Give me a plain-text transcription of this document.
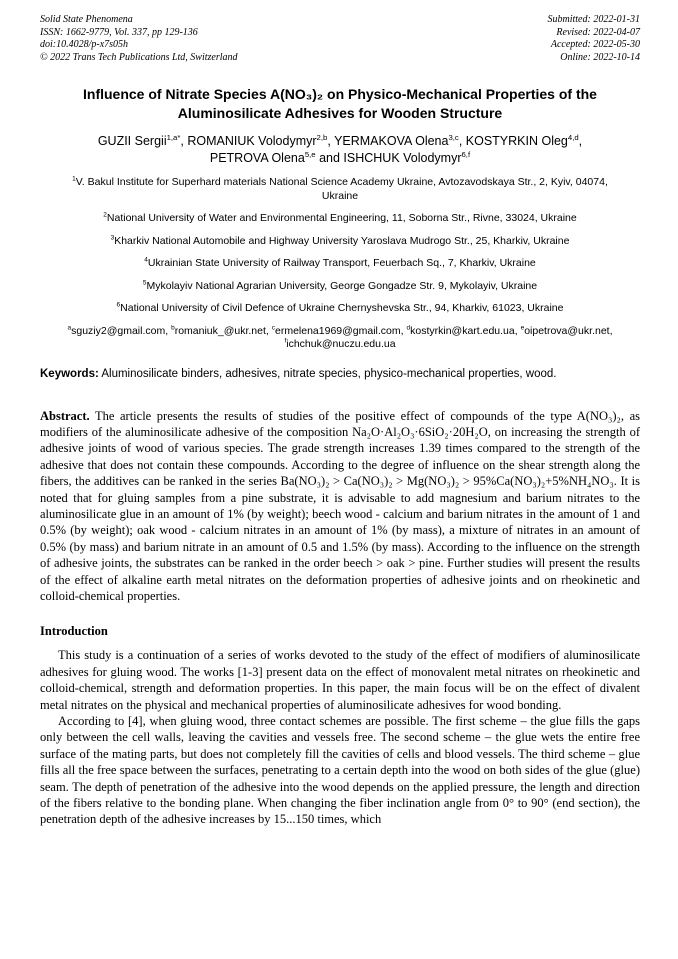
Solid State Phenomena
ISSN: 1662-9779, Vol. 337, pp 129-136
doi:10.4028/p-x7s05h
© 2022 Trans Tech Publications Ltd, Switzerland
Submitted: 2022-01-31
Revised: 2022-04-07
Accepted: 2022-05-30
Online: 2022-10-14
Influence of Nitrate Species A(NO₃)₂ on Physico-Mechanical Properties of the Aluminosilicate Adhesives for Wooden Structure

GUZII Sergii$^{1,a*}$, ROMANIUK Volodymyr$^{2,b}$, YERMAKOVA Olena$^{3,c}$, KOSTYRKIN Oleg$^{4,d}$, PETROVA Olena$^{5,e}$ and ISHCHUK Volodymyr$^{6,f}$

$^1$V. Bakul Institute for Superhard materials National Science Academy Ukraine, Avtozavodskaya Str., 2, Kyiv, 04074, Ukraine

$^2$National University of Water and Environmental Engineering, 11, Soborna Str., Rivne, 33024, Ukraine

$^3$Kharkiv National Automobile and Highway University Yaroslava Mudrogo Str., 25, Kharkiv, Ukraine

$^4$Ukrainian State University of Railway Transport, Feuerbach Sq., 7, Kharkiv, Ukraine

$^5$Mykolayiv National Agrarian University, George Gongadze Str. 9, Mykolayiv, Ukraine

$^6$National University of Civil Defence of Ukraine Chernyshevska Str., 94, Kharkiv, 61023, Ukraine

$^a$sguziy2@gmail.com, $^b$romaniuk_@ukr.net, $^c$ermelena1969@gmail.com, $^d$kostyrkin@kart.edu.ua, $^e$oipetrova@ukr.net, $^f$ichchuk@nuczu.edu.ua

Keywords: Aluminosilicate binders, adhesives, nitrate species, physico-mechanical properties, wood.

Abstract. The article presents the results of studies of the positive effect of compounds of the type A(NO₃)₂, as modifiers of the aluminosilicate adhesive of the composition Na₂O·Al₂O₃·6SiO₂·20H₂O, on increasing the strength of adhesive joints of wood of various species. The grade strength increases 1.39 times compared to the strength of the adhesive that does not contain these compounds. According to the degree of influence on the shear strength along the fibers, the additives can be ranked in the series Ba(NO₃)₂ > Ca(NO₃)₂ > Mg(NO₃)₂ > 95%Ca(NO₃)₂+5%NH₄NO₃. It is noted that for gluing samples from a pine substrate, it is advisable to add magnesium and barium nitrates to the aluminosilicate glue in an amount of 1% (by weight); beech wood - calcium and barium nitrates in the amount of 1 and 0.5% (by weight); oak wood - calcium nitrates in an amount of 1% (by mass), a mixture of nitrates in an amount of 0.5% (by mass) and barium nitrate in an amount of 0.5 and 1.5% (by mass). According to the influence on the strength of adhesive joints, the substrates can be ranked in the order beech > oak > pine. Further studies will present the results of the effect of alkaline earth metal nitrates on the deformation properties of adhesive joints and on rheokinetic and colloid-chemical properties.

Introduction

This study is a continuation of a series of works devoted to the study of the effect of modifiers of aluminosilicate adhesives for gluing wood. The works [1-3] present data on the effect of monovalent metal nitrates on rheokinetic and colloid-chemical, strength and deformation properties. In this paper, the main focus will be on the effect of divalent metal nitrates on the physical and mechanical properties of aluminosilicate adhesives for wood bonding.

According to [4], when gluing wood, three contact schemes are possible. The first scheme – the glue fills the gaps only between the cell walls, leaving the cavities and vessels free. The second scheme – the glue wets the entire free surface of the mating parts, but does not completely fill the cavities of cells and blood vessels. The third scheme – glue fills all the free space between the surfaces, penetrating to a certain depth into the wood on both sides of the glue (glue) seam. The depth of penetration of the adhesive into the wood depends on the applied pressure, the length and direction of the fibers relative to the bonding plane. When changing the fiber inclination angle from 0° to 90° (end section), the penetration depth of the adhesive increases by 15...150 times, which
